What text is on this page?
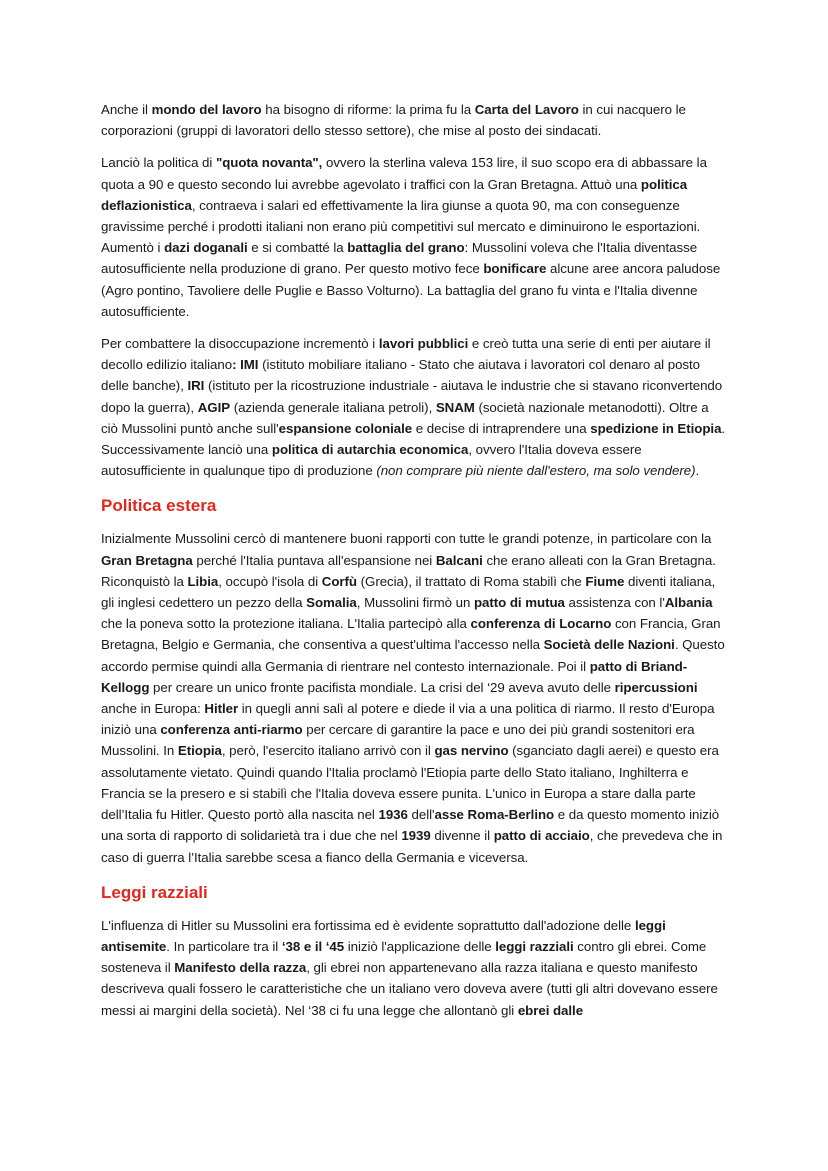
Anche il mondo del lavoro ha bisogno di riforme: la prima fu la Carta del Lavoro in cui nacquero le corporazioni (gruppi di lavoratori dello stesso settore), che mise al posto dei sindacati.

Lanciò la politica di "quota novanta", ovvero la sterlina valeva 153 lire, il suo scopo era di abbassare la quota a 90 e questo secondo lui avrebbe agevolato i traffici con la Gran Bretagna. Attuò una politica deflazionistica, contraeva i salari ed effettivamente la lira giunse a quota 90, ma con conseguenze gravissime perché i prodotti italiani non erano più competitivi sul mercato e diminuirono le esportazioni. Aumentò i dazi doganali e si combatté la battaglia del grano: Mussolini voleva che l'Italia diventasse autosufficiente nella produzione di grano. Per questo motivo fece bonificare alcune aree ancora paludose (Agro pontino, Tavoliere delle Puglie e Basso Volturno). La battaglia del grano fu vinta e l'Italia divenne autosufficiente.

Per combattere la disoccupazione incrementò i lavori pubblici e creò tutta una serie di enti per aiutare il decollo edilizio italiano: IMI (istituto mobiliare italiano - Stato che aiutava i lavoratori col denaro al posto delle banche), IRI (istituto per la ricostruzione industriale - aiutava le industrie che si stavano riconvertendo dopo la guerra), AGIP (azienda generale italiana petroli), SNAM (società nazionale metanodotti). Oltre a ciò Mussolini puntò anche sull'espansione coloniale e decise di intraprendere una spedizione in Etiopia. Successivamente lanciò una politica di autarchia economica, ovvero l'Italia doveva essere autosufficiente in qualunque tipo di produzione (non comprare più niente dall'estero, ma solo vendere).

Politica estera

Inizialmente Mussolini cercò di mantenere buoni rapporti con tutte le grandi potenze, in particolare con la Gran Bretagna perché l'Italia puntava all'espansione nei Balcani che erano alleati con la Gran Bretagna. Riconquistò la Libia, occupò l'isola di Corfù (Grecia), il trattato di Roma stabilì che Fiume diventi italiana, gli inglesi cedettero un pezzo della Somalia, Mussolini firmò un patto di mutua assistenza con l'Albania che la poneva sotto la protezione italiana. L'Italia partecipò alla conferenza di Locarno con Francia, Gran Bretagna, Belgio e Germania, che consentiva a quest'ultima l'accesso nella Società delle Nazioni. Questo accordo permise quindi alla Germania di rientrare nel contesto internazionale. Poi il patto di Briand-Kellogg per creare un unico fronte pacifista mondiale. La crisi del ‘29 aveva avuto delle ripercussioni anche in Europa: Hitler in quegli anni salì al potere e diede il via a una politica di riarmo. Il resto d'Europa iniziò una conferenza anti-riarmo per cercare di garantire la pace e uno dei più grandi sostenitori era Mussolini. In Etiopia, però, l'esercito italiano arrivò con il gas nervino (sganciato dagli aerei) e questo era assolutamente vietato. Quindi quando l'Italia proclamò l'Etiopia parte dello Stato italiano, Inghilterra e Francia se la presero e si stabilì che l'Italia doveva essere punita. L'unico in Europa a stare dalla parte dell’Italia fu Hitler. Questo portò alla nascita nel 1936 dell'asse Roma-Berlino e da questo momento iniziò una sorta di rapporto di solidarietà tra i due che nel 1939 divenne il patto di acciaio, che prevedeva che in caso di guerra l’Italia sarebbe scesa a fianco della Germania e viceversa.

Leggi razziali

L'influenza di Hitler su Mussolini era fortissima ed è evidente soprattutto dall'adozione delle leggi antisemite. In particolare tra il ‘38 e il ‘45 iniziò l'applicazione delle leggi razziali contro gli ebrei. Come sosteneva il Manifesto della razza, gli ebrei non appartenevano alla razza italiana e questo manifesto descriveva quali fossero le caratteristiche che un italiano vero doveva avere (tutti gli altri dovevano essere messi ai margini della società). Nel ‘38 ci fu una legge che allontanò gli ebrei dalle
